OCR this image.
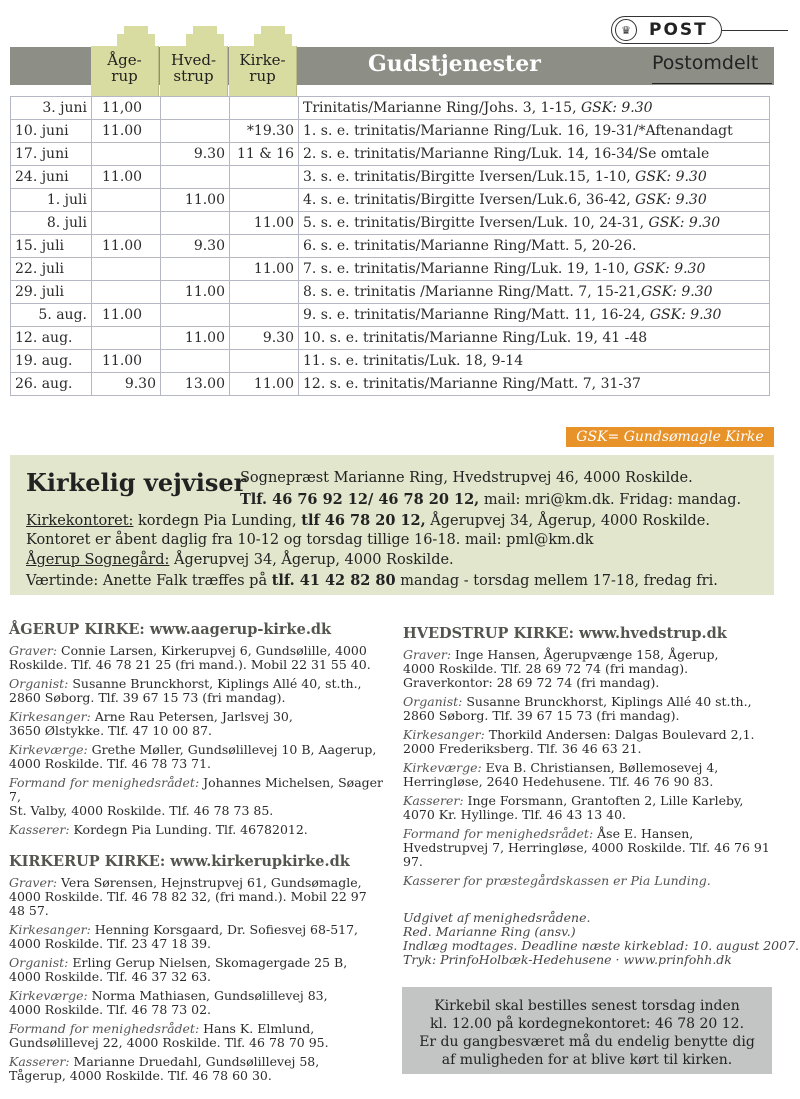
♛	POST
Gudstjenester	Postomdelt
Åge-
rup
Hved-
strup
Kirke-
rup
3. juni	11,00			Trinitatis/Marianne Ring/Johs. 3, 1-15, GSK: 9.30
10. juni	11.00		*19.30	1. s. e. trinitatis/Marianne Ring/Luk. 16, 19-31/*Aftenandagt
17. juni		9.30	11 & 16	2. s. e. trinitatis/Marianne Ring/Luk. 14, 16-34/Se omtale
24. juni	11.00			3. s. e. trinitatis/Birgitte Iversen/Luk.15, 1-10, GSK: 9.30
1. juli		11.00		4. s. e. trinitatis/Birgitte Iversen/Luk.6, 36-42, GSK: 9.30
8. juli			11.00	5. s. e. trinitatis/Birgitte Iversen/Luk. 10, 24-31, GSK: 9.30
15. juli	11.00	9.30		6. s. e. trinitatis/Marianne Ring/Matt. 5, 20-26.
22. juli			11.00	7. s. e. trinitatis/Marianne Ring/Luk. 19, 1-10, GSK: 9.30
29. juli		11.00		8. s. e. trinitatis /Marianne Ring/Matt. 7, 15-21,GSK: 9.30
5. aug.	11.00			9. s. e. trinitatis/Marianne Ring/Matt. 11, 16-24, GSK: 9.30
12. aug.		11.00	9.30	10. s. e. trinitatis/Marianne Ring/Luk. 19, 41 -48
19. aug.	11.00			11. s. e. trinitatis/Luk. 18, 9-14
26. aug.	9.30	13.00	11.00	12. s. e. trinitatis/Marianne Ring/Matt. 7, 31-37
GSK= Gundsømagle Kirke
Kirkelig vejviser
Sognepræst Marianne Ring, Hvedstrupvej 46, 4000 Roskilde.
Tlf. 46 76 92 12/ 46 78 20 12, mail: mri@km.dk. Fridag: mandag.
Kirkekontoret: kordegn Pia Lunding, tlf 46 78 20 12, Ågerupvej 34, Ågerup, 4000 Roskilde.
Kontoret er åbent daglig fra 10-12 og torsdag tillige 16-18. mail: pml@km.dk
Ågerup Sognegård: Ågerupvej 34, Ågerup, 4000 Roskilde.
Værtinde: Anette Falk træffes på tlf. 41 42 82 80 mandag - torsdag mellem 17-18, fredag fri.
ÅGERUP KIRKE: www.aagerup-kirke.dk
Graver: Connie Larsen, Kirkerupvej 6, Gundsølille, 4000
Roskilde. Tlf. 46 78 21 25 (fri mand.). Mobil 22 31 55 40.
Organist: Susanne Brunckhorst, Kiplings Allé 40, st.th.,
2860 Søborg. Tlf. 39 67 15 73 (fri mandag).
Kirkesanger: Arne Rau Petersen, Jarlsvej 30,
3650 Ølstykke. Tlf. 47 10 00 87.
Kirkeværge: Grethe Møller, Gundsølillevej 10 B, Aagerup,
4000 Roskilde. Tlf. 46 78 73 71.
Formand for menighedsrådet: Johannes Michelsen, Søager 7,
St. Valby, 4000 Roskilde. Tlf. 46 78 73 85.
Kasserer: Kordegn Pia Lunding. Tlf. 46782012.
KIRKERUP KIRKE: www.kirkerupkirke.dk
Graver: Vera Sørensen, Hejnstrupvej 61, Gundsømagle,
4000 Roskilde. Tlf. 46 78 82 32, (fri mand.). Mobil 22 97 48 57.
Kirkesanger: Henning Korsgaard, Dr. Sofiesvej 68-517,
4000 Roskilde. Tlf. 23 47 18 39.
Organist: Erling Gerup Nielsen, Skomagergade 25 B,
4000 Roskilde. Tlf. 46 37 32 63.
Kirkeværge: Norma Mathiasen, Gundsølillevej 83,
4000 Roskilde. Tlf. 46 78 73 02.
Formand for menighedsrådet: Hans K. Elmlund,
Gundsølillevej 22, 4000 Roskilde. Tlf. 46 78 70 95.
Kasserer: Marianne Druedahl, Gundsølillevej 58,
Tågerup, 4000 Roskilde. Tlf. 46 78 60 30.
HVEDSTRUP KIRKE: www.hvedstrup.dk
Graver: Inge Hansen, Ågerupvænge 158, Ågerup,
4000 Roskilde. Tlf. 28 69 72 74 (fri mandag).
Graverkontor: 28 69 72 74 (fri mandag).
Organist: Susanne Brunckhorst, Kiplings Allé 40 st.th.,
2860 Søborg. Tlf. 39 67 15 73 (fri mandag).
Kirkesanger: Thorkild Andersen: Dalgas Boulevard 2,1.
2000 Frederiksberg. Tlf. 36 46 63 21.
Kirkeværge: Eva B. Christiansen, Bøllemosevej 4,
Herringløse, 2640 Hedehusene. Tlf. 46 76 90 83.
Kasserer: Inge Forsmann, Grantoften 2, Lille Karleby,
4070 Kr. Hyllinge. Tlf. 46 43 13 40.
Formand for menighedsrådet: Åse E. Hansen,
Hvedstrupvej 7, Herringløse, 4000 Roskilde. Tlf. 46 76 91 97.
Kasserer for præstegårdskassen er Pia Lunding.
Udgivet af menighedsrådene.
Red. Marianne Ring (ansv.)
Indlæg modtages. Deadline næste kirkeblad: 10. august 2007.
Tryk: PrinfoHolbæk-Hedehusene · www.prinfohh.dk
Kirkebil skal bestilles senest torsdag inden
kl. 12.00 på kordegnekontoret: 46 78 20 12.
Er du gangbesværet må du endelig benytte dig
af muligheden for at blive kørt til kirken.
